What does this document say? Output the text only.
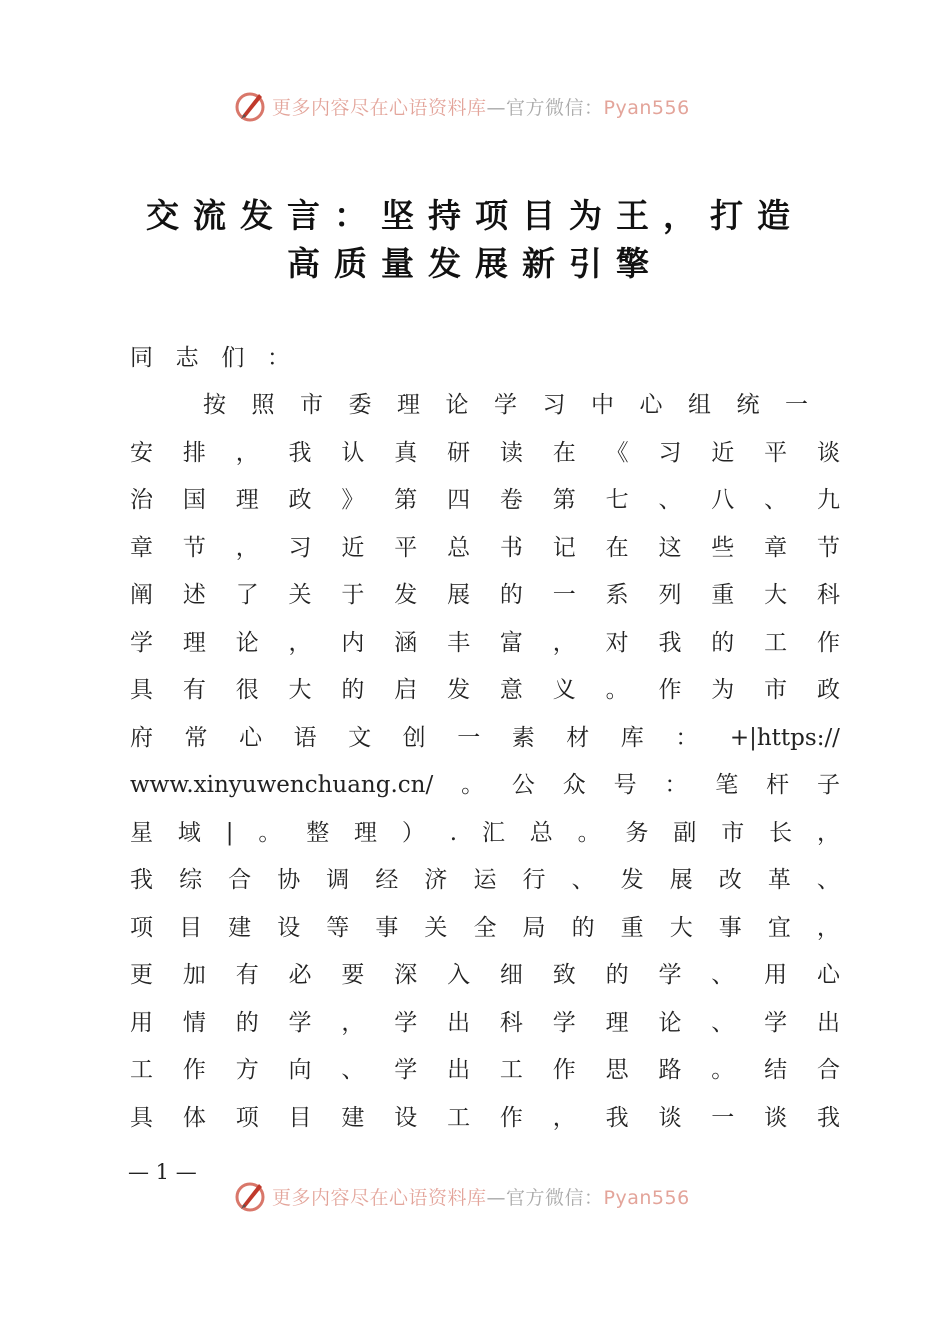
更多内容尽在心语资料库—官方微信：Pyan556
交流发言：坚持项目为王，打造
高质量发展新引擎
同 志 们 ：
按 照 市 委 理 论 学 习 中 心 组 统 一
安 排 ， 我 认 真 研 读 在 《 习 近 平 谈
治 国 理 政 》 第 四 卷 第 七 、 八 、 九
章 节 ， 习 近 平 总 书 记 在 这 些 章 节
阐 述 了 关 于 发 展 的 一 系 列 重 大 科
学 理 论 ， 内 涵 丰 富 ， 对 我 的 工 作
具 有 很 大 的 启 发 意 义 。 作 为 市 政
府 常 心 语 文 创 一 素 材 库 ： +|https://
www.xinyuwenchuang.cn/ 。 公 众 号 ： 笔 杆 子
星 域 | 。 整 理 ） . 汇 总 。 务 副 市 长 ，
我 综 合 协 调 经 济 运 行 、 发 展 改 革 、
项 目 建 设 等 事 关 全 局 的 重 大 事 宜 ，
更 加 有 必 要 深 入 细 致 的 学 、 用 心
用 情 的 学 ， 学 出 科 学 理 论 、 学 出
工 作 方 向 、 学 出 工 作 思 路 。 结 合
具 体 项 目 建 设 工 作 ， 我 谈 一 谈 我
— 1 —
更多内容尽在心语资料库—官方微信：Pyan556
